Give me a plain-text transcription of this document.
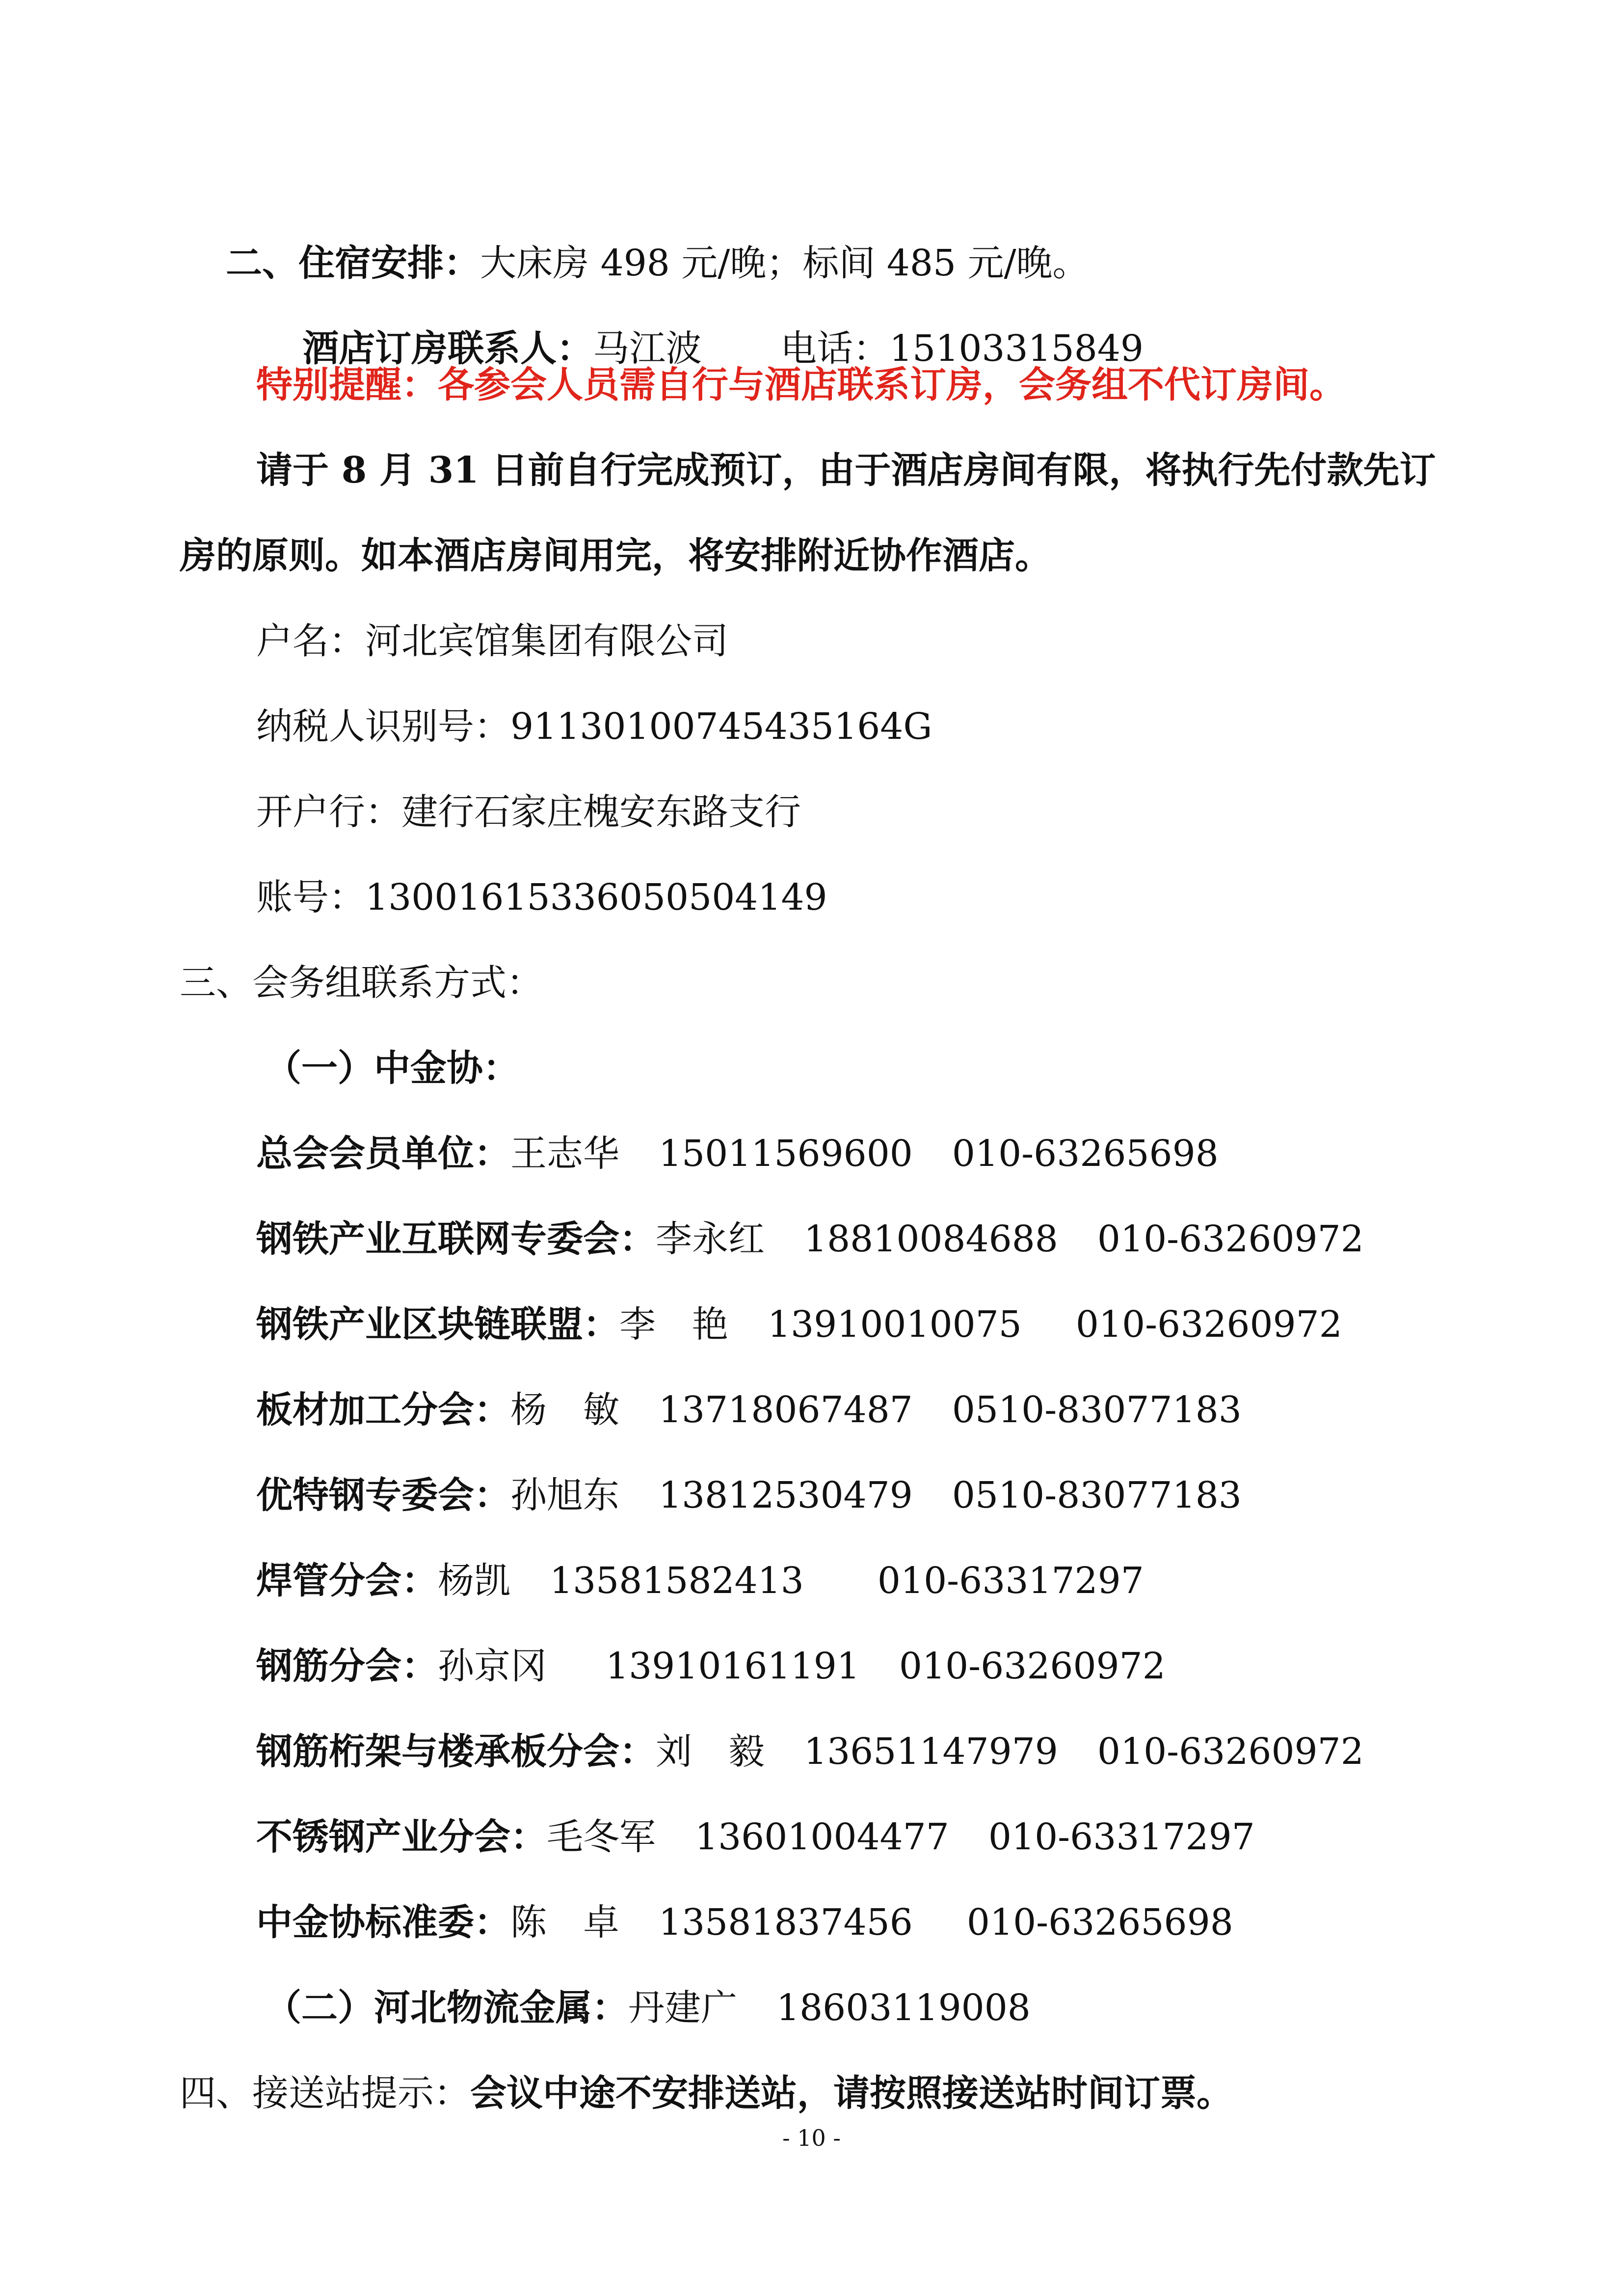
二、住宿安排：大床房 498 元/晚；标间 485 元/晚。

酒店订房联系人：马江波 电话：15103315849

特别提醒：各参会人员需自行与酒店联系订房，会务组不代订房间。
请于 8 月 31 日前自行完成预订，由于酒店房间有限，将执行先付款先订
房的原则。如本酒店房间用完，将安排附近协作酒店。
户名：河北宾馆集团有限公司
纳税人识别号：911301007454351​64G
开户行：建行石家庄槐安东路支行
账号：13001615336050504149
三、会务组联系方式：
（一）中金协：
总会会员单位：王志华 15011569600 010-63265698
钢铁产业互联网专委会：李永红 18810084688 010-63260972
钢铁产业区块链联盟：李　艳 13910010075 010-63260972
板材加工分会：杨　敏 13718067487 0510-83077183
优特钢专委会：孙旭东 13812530479 0510-83077183
焊管分会：杨凯 13581582413 010-63317297
钢筋分会：孙京冈 13910161191 010-63260972
钢筋桁架与楼承板分会：刘　毅 13651147979 010-63260972
不锈钢产业分会：毛冬军 13601004477 010-63317297
中金协标准委：陈　卓 13581837456 010-63265698
（二）河北物流金属：丹建广 18603119008
四、接送站提示：会议中途不安排送站，请按照接送站时间订票。
- 10 -
